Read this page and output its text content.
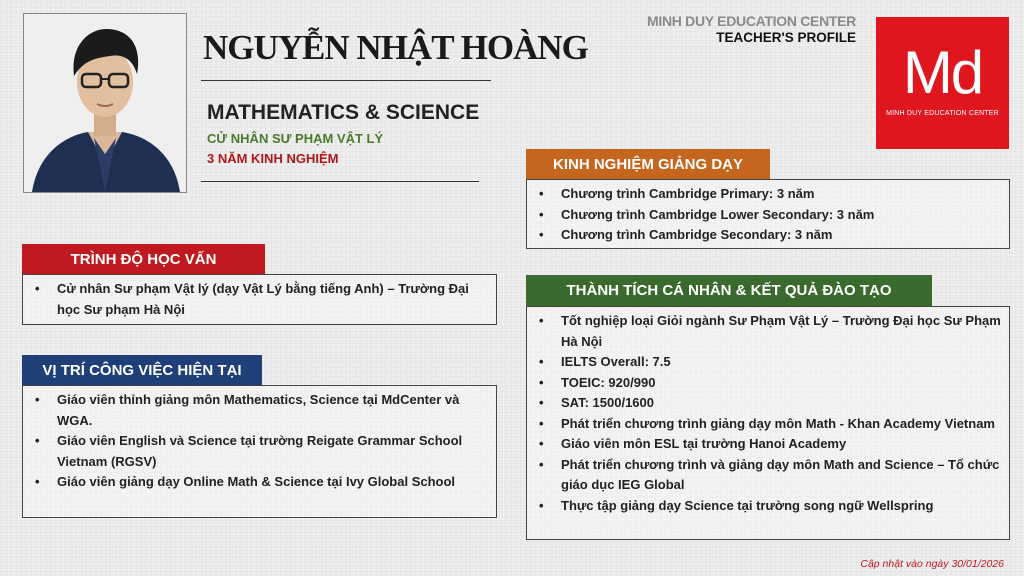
NGUYỄN NHẬT HOÀNG
MATHEMATICS & SCIENCE
CỬ NHÂN SƯ PHẠM VẬT LÝ
3 NĂM KINH NGHIỆM
MINH DUY EDUCATION CENTER
TEACHER'S PROFILE
Md
MINH DUY EDUCATION CENTER
TRÌNH ĐỘ HỌC VẤN
• Cử nhân Sư phạm Vật lý (dạy Vật Lý bằng tiếng Anh) – Trường Đại học Sư phạm Hà Nội
VỊ TRÍ CÔNG VIỆC HIỆN TẠI
• Giáo viên thỉnh giảng môn Mathematics, Science tại MdCenter và WGA.
• Giáo viên English và Science tại trường Reigate Grammar School Vietnam (RGSV)
• Giáo viên giảng dạy Online Math & Science tại Ivy Global School
KINH NGHIỆM GIẢNG DẠY
• Chương trình Cambridge Primary: 3 năm
• Chương trình Cambridge Lower Secondary: 3 năm
• Chương trình Cambridge Secondary: 3 năm
THÀNH TÍCH CÁ NHÂN & KẾT QUẢ ĐÀO TẠO
• Tốt nghiệp loại Giỏi ngành Sư Phạm Vật Lý – Trường Đại học Sư Phạm Hà Nội
• IELTS Overall: 7.5
• TOEIC: 920/990
• SAT: 1500/1600
• Phát triển chương trình giảng dạy môn Math - Khan Academy Vietnam
• Giáo viên môn ESL tại trường Hanoi Academy
• Phát triển chương trình và giảng dạy môn Math and Science – Tổ chức giáo dục IEG Global
• Thực tập giảng dạy Science tại trường song ngữ Wellspring
Cập nhật vào ngày 30/01/2026
